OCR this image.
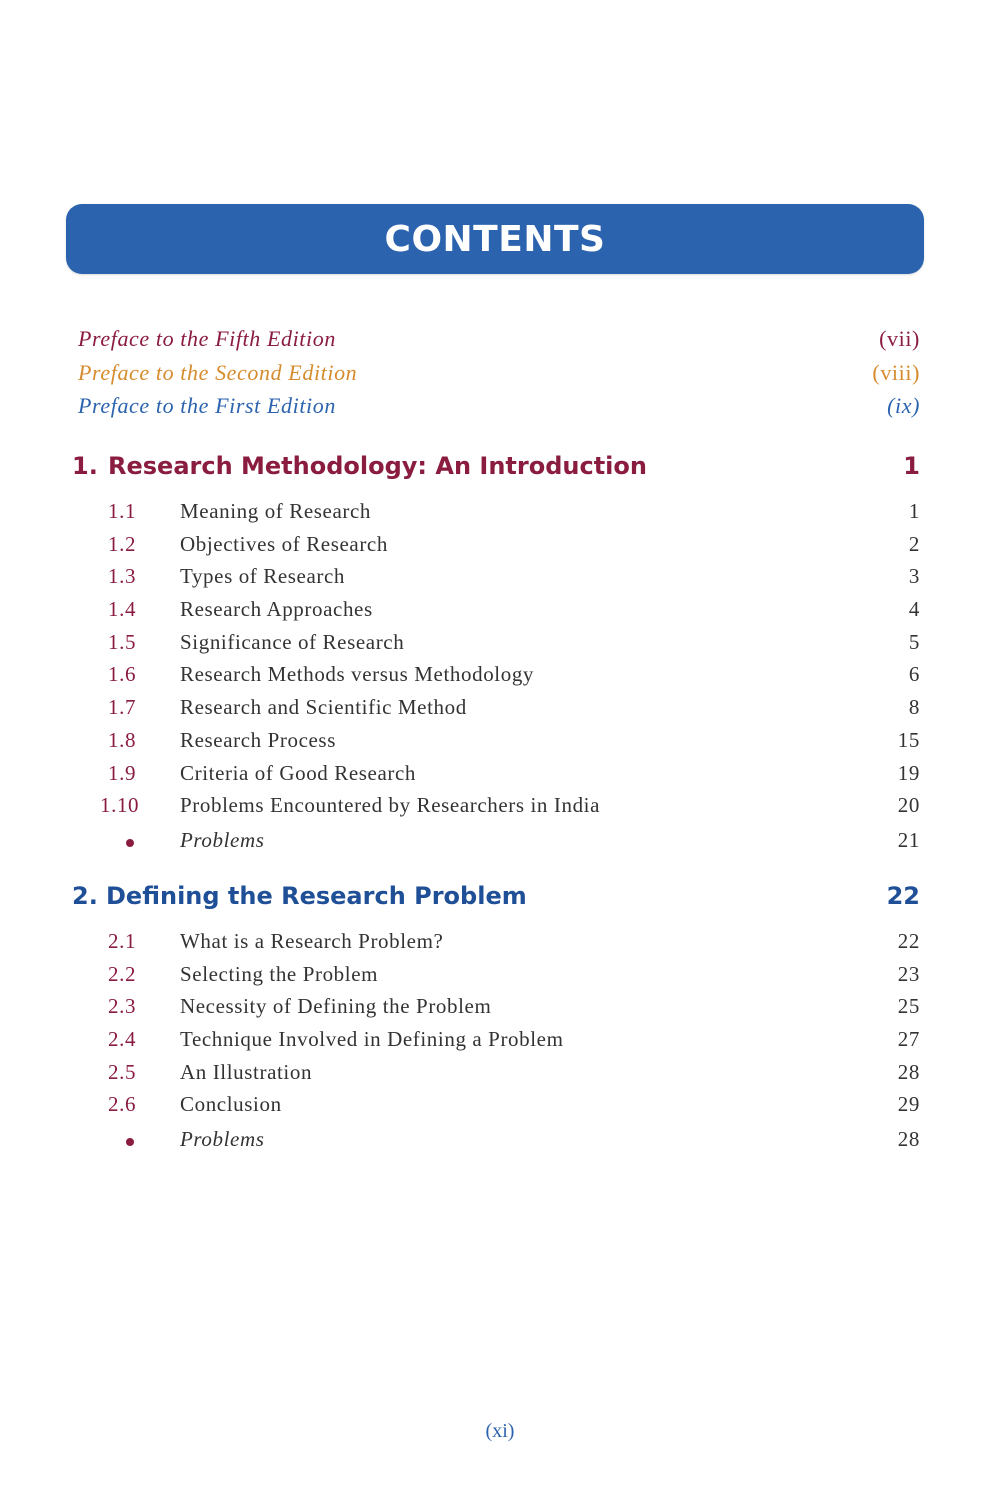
CONTENTS
Preface to the Fifth Edition	(vii)
Preface to the Second Edition	(viii)
Preface to the First Edition	(ix)
1. Research Methodology: An Introduction	1
1.1	Meaning of Research	1
1.2	Objectives of Research	2
1.3	Types of Research	3
1.4	Research Approaches	4
1.5	Significance of Research	5
1.6	Research Methods versus Methodology	6
1.7	Research and Scientific Method	8
1.8	Research Process	15
1.9	Criteria of Good Research	19
1.10	Problems Encountered by Researchers in India	20
Problems	21
2. Defining the Research Problem	22
2.1	What is a Research Problem?	22
2.2	Selecting the Problem	23
2.3	Necessity of Defining the Problem	25
2.4	Technique Involved in Defining a Problem	27
2.5	An Illustration	28
2.6	Conclusion	29
Problems	28
(xi)
